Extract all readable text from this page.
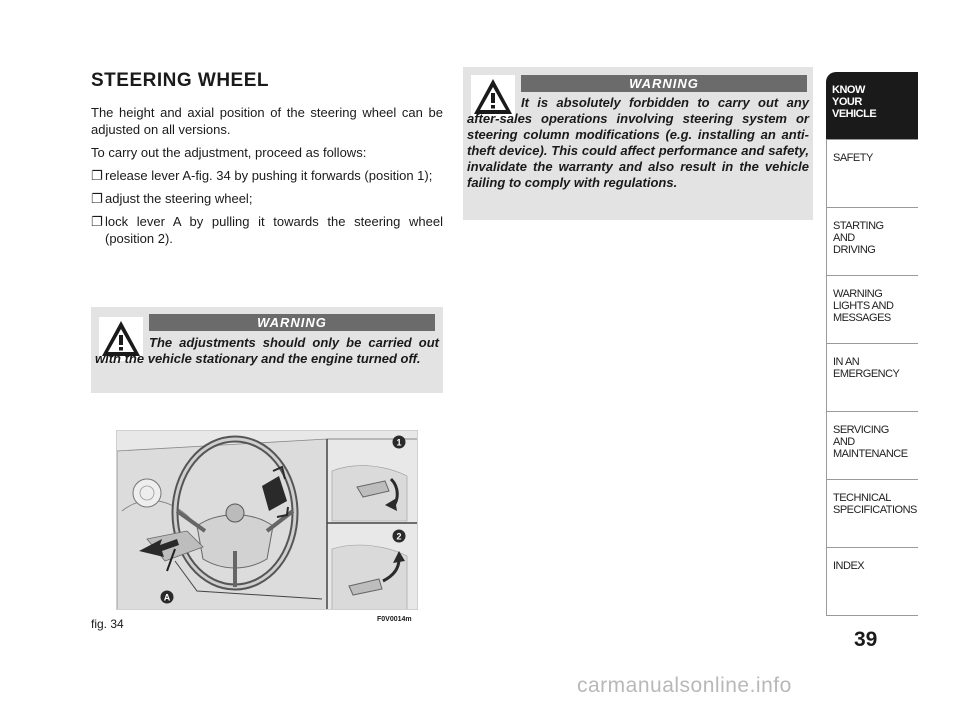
STEERING WHEEL

The height and axial position of the steering wheel can be adjusted on all versions.

To carry out the adjustment, proceed as follows:

❐ release lever A-fig. 34 by pushing it forwards (position 1);
❐ adjust the steering wheel;
❐ lock lever A by pulling it towards the steering wheel (position 2).
WARNING
The adjustments should only be carried out with the vehicle stationary and the engine turned off.
WARNING
It is absolutely forbidden to carry out any after-sales operations involving steering system or steering column modifications (e.g. installing an anti-theft device). This could affect performance and safety, invalidate the warranty and also result in the vehicle failing to comply with regulations.
1
2
A
fig. 34	F0V0014m
KNOW
YOUR
VEHICLE
SAFETY
STARTING
AND
DRIVING
WARNING
LIGHTS AND
MESSAGES
IN AN
EMERGENCY
SERVICING
AND
MAINTENANCE
TECHNICAL
SPECIFICATIONS
INDEX
39
carmanualsonline.info
